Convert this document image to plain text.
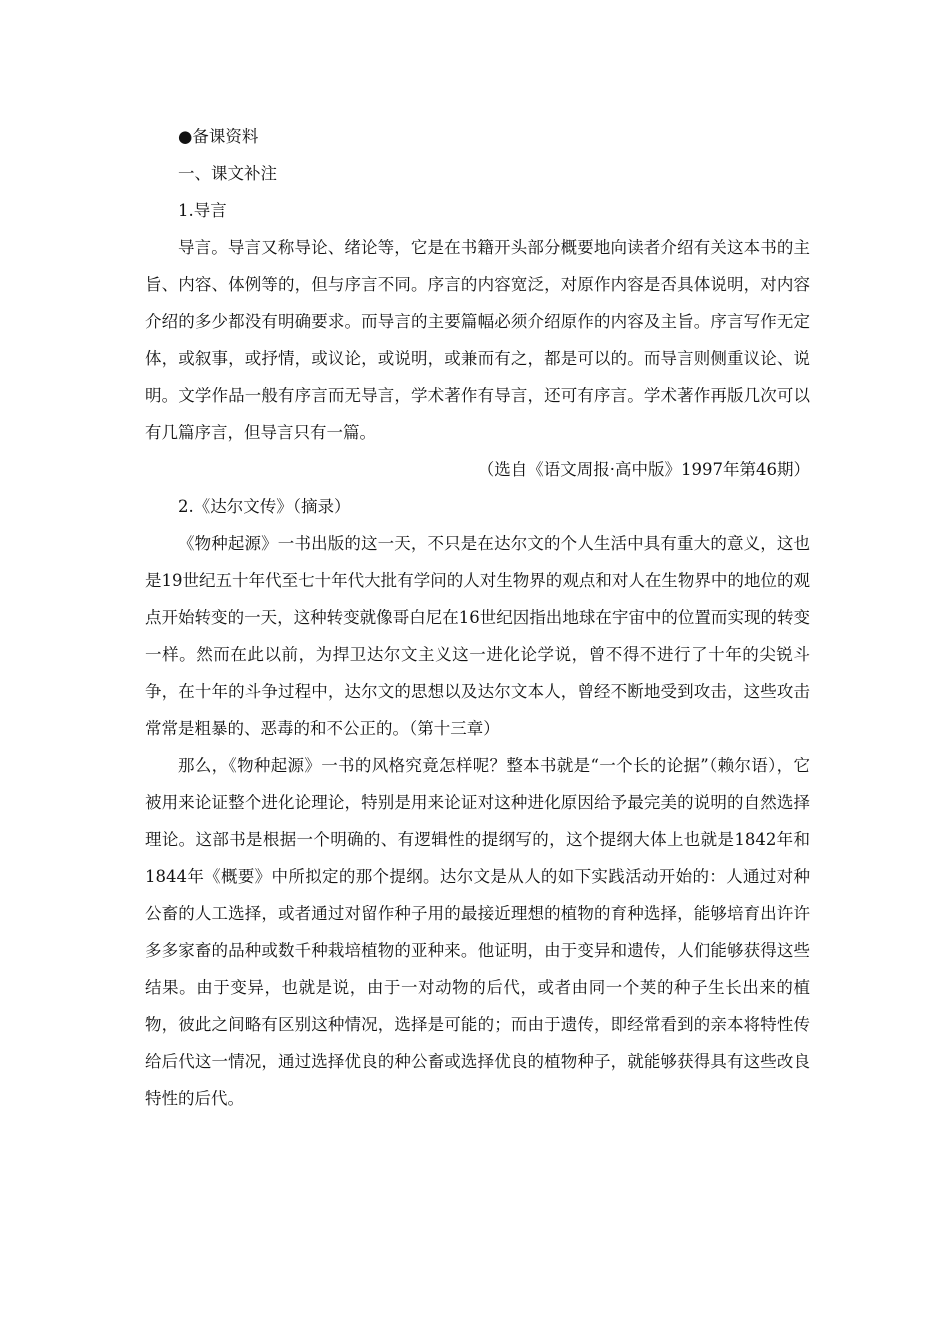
●备课资料
一、课文补注
1.导言

导言。导言又称导论、绪论等，它是在书籍开头部分概要地向读者介绍有关这本书的主旨、内容、体例等的，但与序言不同。序言的内容宽泛，对原作内容是否具体说明，对内容介绍的多少都没有明确要求。而导言的主要篇幅必须介绍原作的内容及主旨。序言写作无定体，或叙事，或抒情，或议论，或说明，或兼而有之，都是可以的。而导言则侧重议论、说明。文学作品一般有序言而无导言，学术著作有导言，还可有序言。学术著作再版几次可以有几篇序言，但导言只有一篇。

（选自《语文周报·高中版》1997年第46期）
2.《达尔文传》（摘录）

《物种起源》一书出版的这一天，不只是在达尔文的个人生活中具有重大的意义，这也是19世纪五十年代至七十年代大批有学问的人对生物界的观点和对人在生物界中的地位的观点开始转变的一天，这种转变就像哥白尼在16世纪因指出地球在宇宙中的位置而实现的转变一样。然而在此以前，为捍卫达尔文主义这一进化论学说，曾不得不进行了十年的尖锐斗争，在十年的斗争过程中，达尔文的思想以及达尔文本人，曾经不断地受到攻击，这些攻击常常是粗暴的、恶毒的和不公正的。（第十三章）

那么，《物种起源》一书的风格究竟怎样呢？整本书就是“一个长的论据”（赖尔语），它被用来论证整个进化论理论，特别是用来论证对这种进化原因给予最完美的说明的自然选择理论。这部书是根据一个明确的、有逻辑性的提纲写的，这个提纲大体上也就是1842年和1844年《概要》中所拟定的那个提纲。达尔文是从人的如下实践活动开始的：人通过对种公畜的人工选择，或者通过对留作种子用的最接近理想的植物的育种选择，能够培育出许许多多家畜的品种或数千种栽培植物的亚种来。他证明，由于变异和遗传，人们能够获得这些结果。由于变异，也就是说，由于一对动物的后代，或者由同一个荚的种子生长出来的植物，彼此之间略有区别这种情况，选择是可能的；而由于遗传，即经常看到的亲本将特性传给后代这一情况，通过选择优良的种公畜或选择优良的植物种子，就能够获得具有这些改良特性的后代。
